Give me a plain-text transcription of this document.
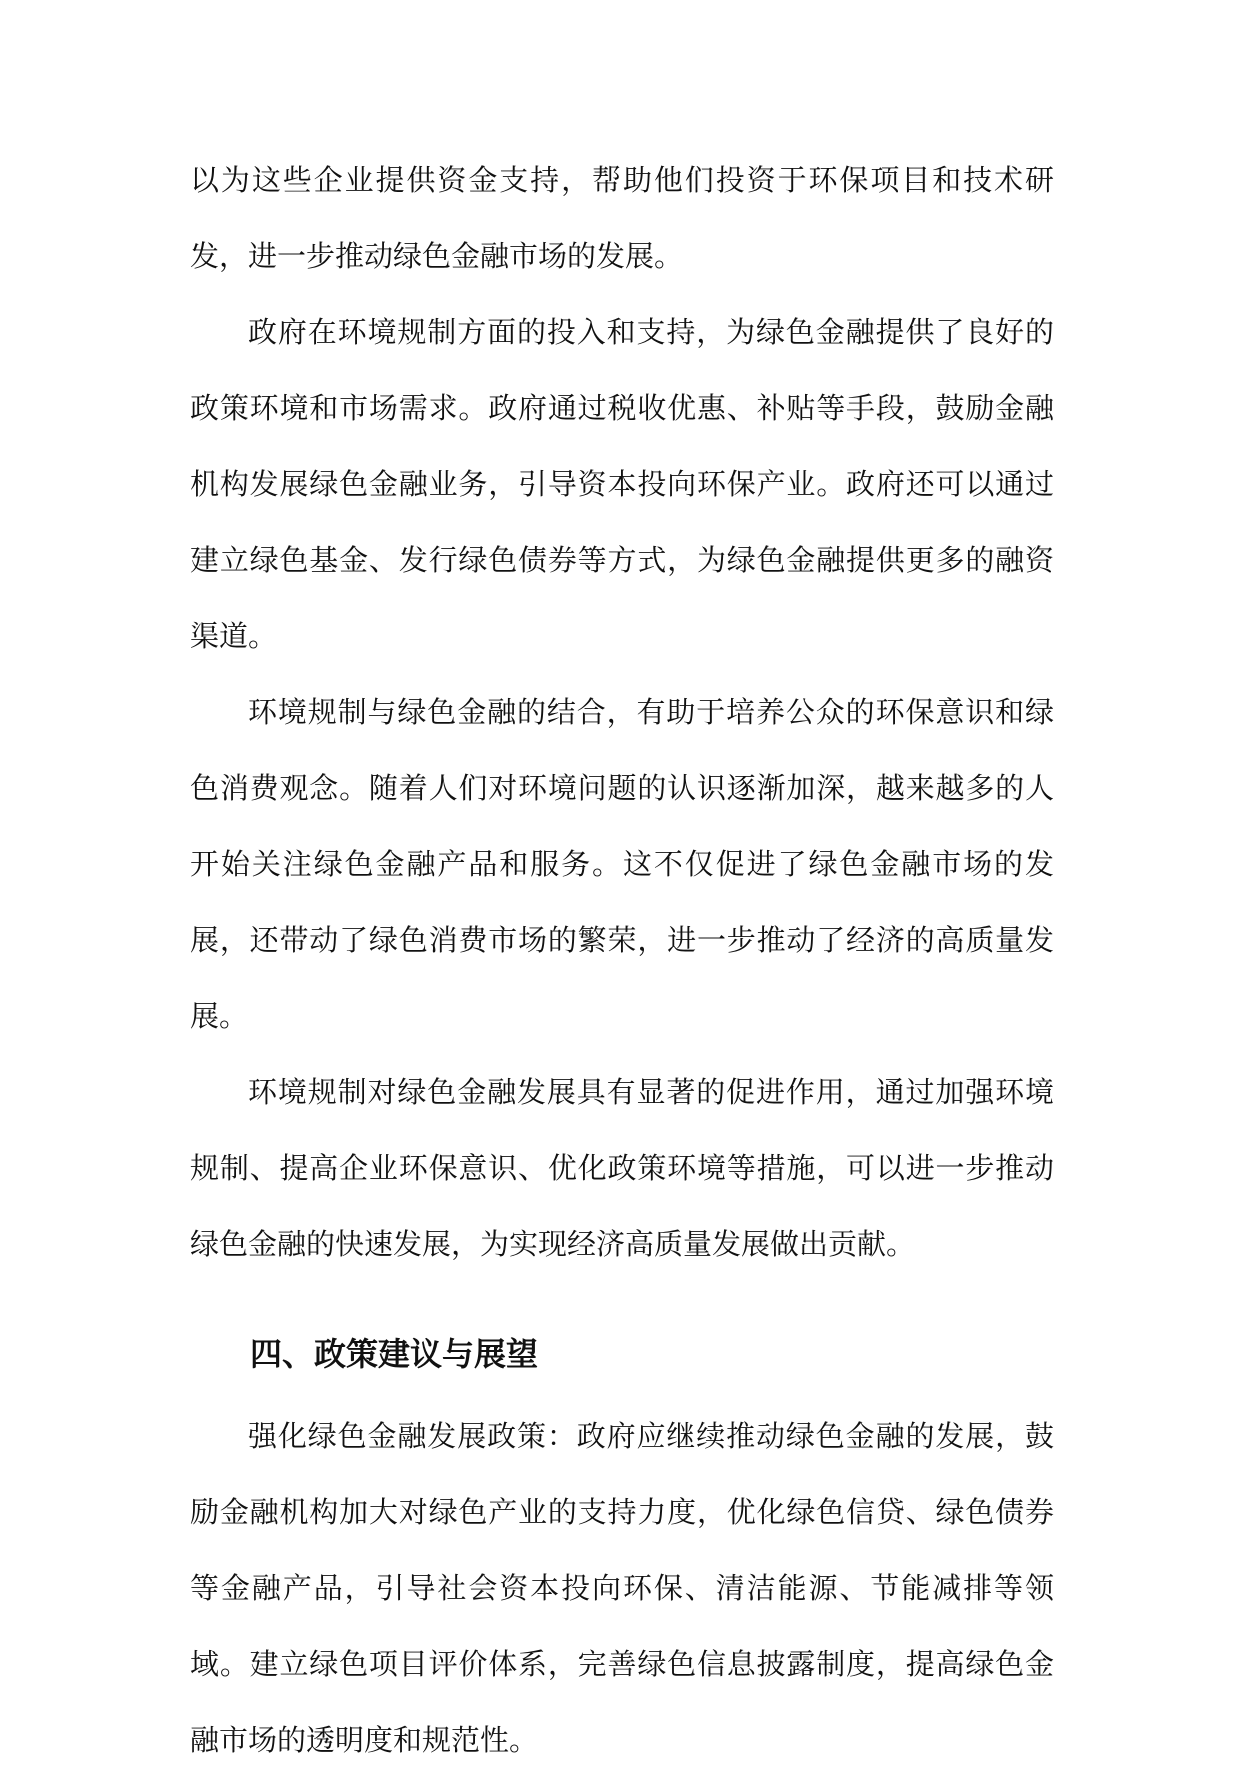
以为这些企业提供资金支持，帮助他们投资于环保项目和技术研发，进一步推动绿色金融市场的发展。

政府在环境规制方面的投入和支持，为绿色金融提供了良好的政策环境和市场需求。政府通过税收优惠、补贴等手段，鼓励金融机构发展绿色金融业务，引导资本投向环保产业。政府还可以通过建立绿色基金、发行绿色债券等方式，为绿色金融提供更多的融资渠道。

环境规制与绿色金融的结合，有助于培养公众的环保意识和绿色消费观念。随着人们对环境问题的认识逐渐加深，越来越多的人开始关注绿色金融产品和服务。这不仅促进了绿色金融市场的发展，还带动了绿色消费市场的繁荣，进一步推动了经济的高质量发展。

环境规制对绿色金融发展具有显著的促进作用，通过加强环境规制、提高企业环保意识、优化政策环境等措施，可以进一步推动绿色金融的快速发展，为实现经济高质量发展做出贡献。

四、政策建议与展望

强化绿色金融发展政策：政府应继续推动绿色金融的发展，鼓励金融机构加大对绿色产业的支持力度，优化绿色信贷、绿色债券等金融产品，引导社会资本投向环保、清洁能源、节能减排等领域。建立绿色项目评价体系，完善绿色信息披露制度，提高绿色金融市场的透明度和规范性。
